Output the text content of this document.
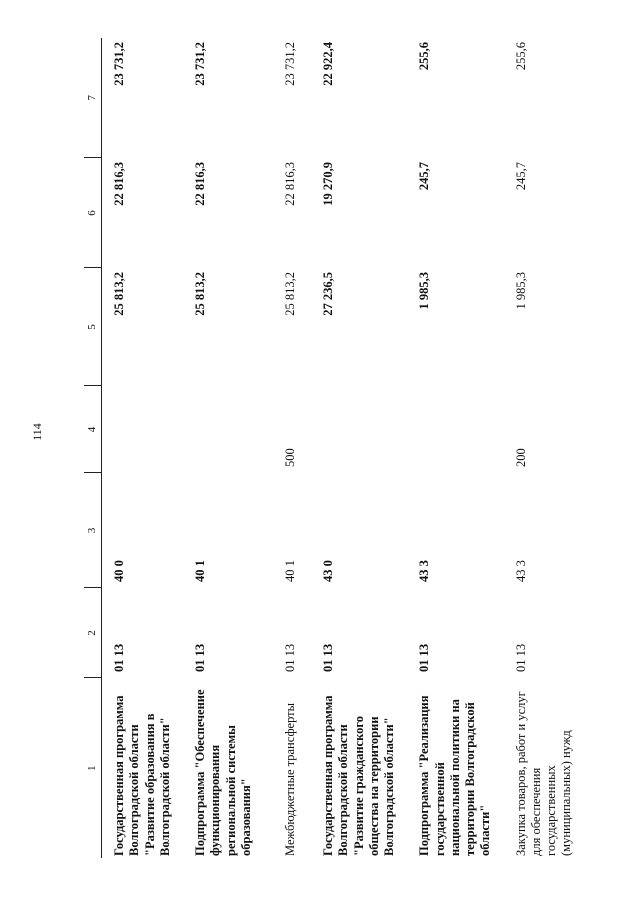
114
1	2	3	4	5	6	7
Государственная программа Волгоградской области "Развитие образования в Волгоградской области"	01 13	40 0		25 813,2	22 816,3	23 731,2
Подпрограмма "Обеспечение функционирования региональной системы образования"	01 13	40 1		25 813,2	22 816,3	23 731,2
Межбюджетные трансферты	01 13	40 1	500	25 813,2	22 816,3	23 731,2
Государственная программа Волгоградской области "Развитие гражданского общества на территории Волгоградской области"	01 13	43 0		27 236,5	19 270,9	22 922,4
Подпрограмма "Реализация государственной национальной политики на территории Волгоградской области"	01 13	43 3		1 985,3	245,7	255,6
Закупка товаров, работ и услуг для обеспечения государственных (муниципальных) нужд	01 13	43 3	200	1 985,3	245,7	255,6
